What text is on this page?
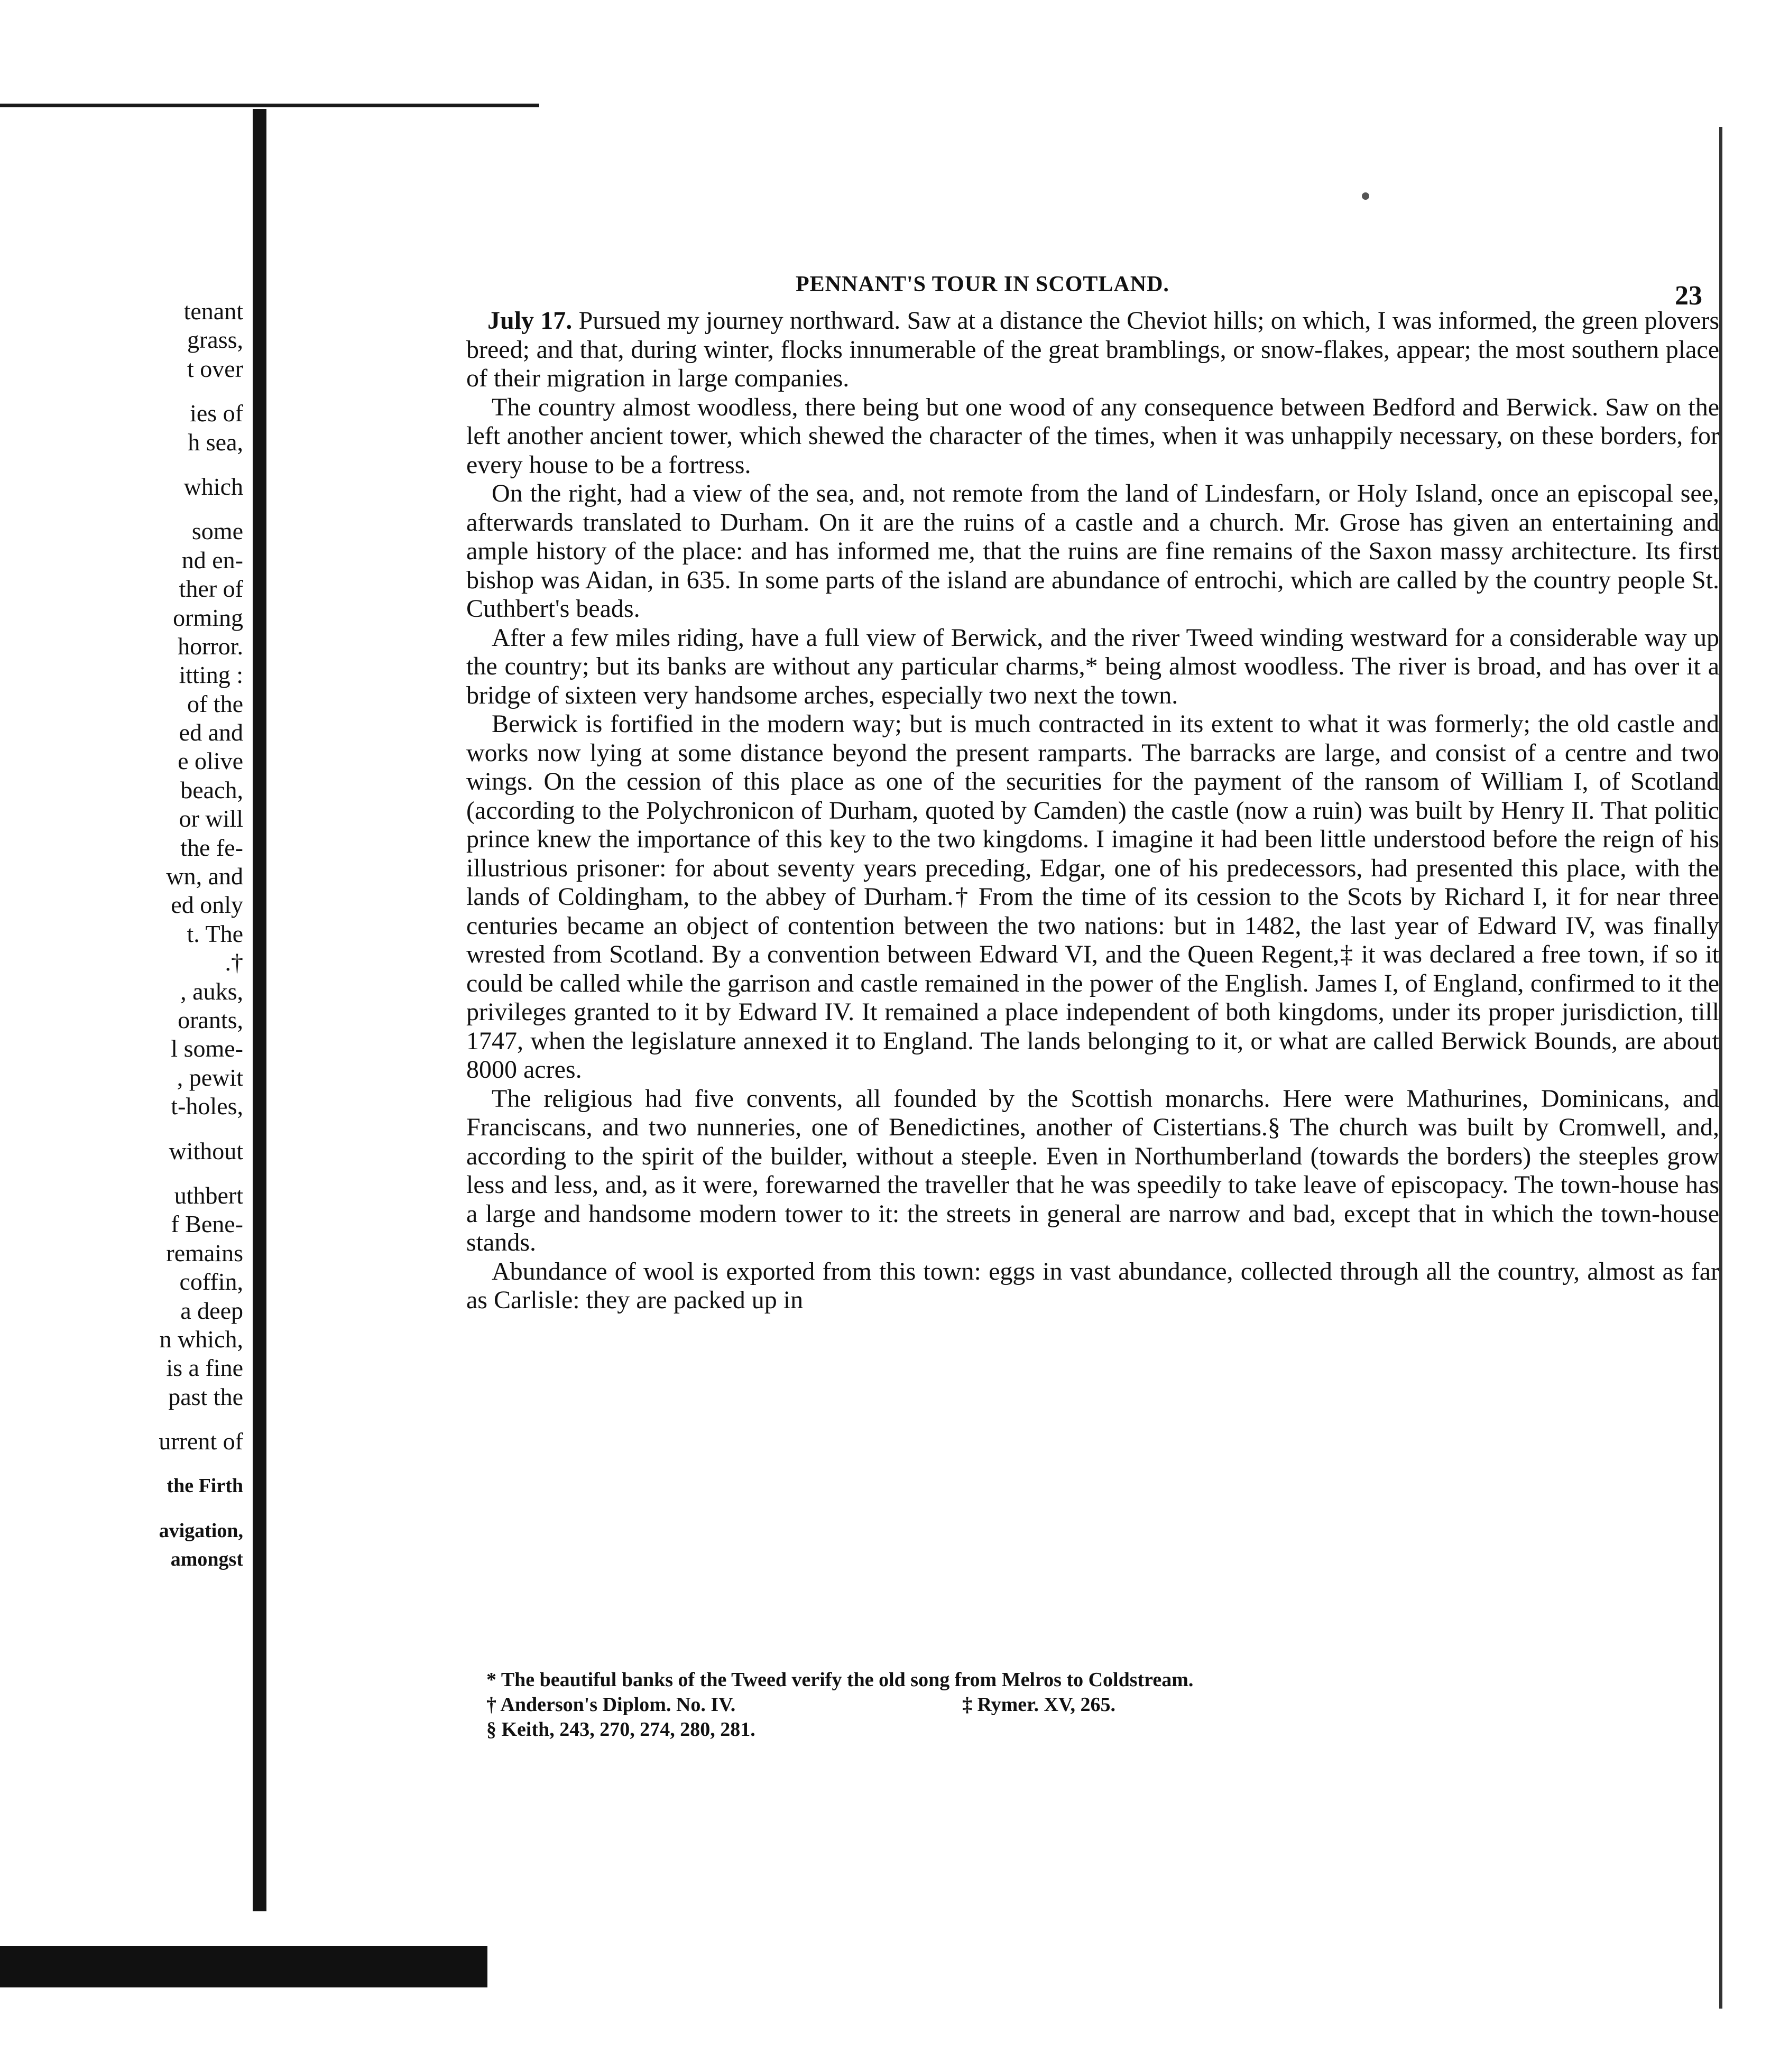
tenant
grass,
t over
ies of
h sea,
which
some
nd en-
ther of
orming
horror.
itting :
of the
ed and
e olive
beach,
or will
the fe-
wn, and
ed only
t. The
.†
, auks,
orants,
l some-
, pewit
t-holes,
without
uthbert
f Bene-
remains
coffin,
a deep
n which,
is a fine
past the
urrent of
the Firth
avigation,
amongst
PENNANT'S TOUR IN SCOTLAND.	23

July 17. Pursued my journey northward. Saw at a distance the Cheviot hills; on which, I was informed, the green plovers breed; and that, during winter, flocks innumerable of the great bramblings, or snow-flakes, appear; the most southern place of their migration in large companies.

The country almost woodless, there being but one wood of any consequence between Bedford and Berwick. Saw on the left another ancient tower, which shewed the character of the times, when it was unhappily necessary, on these borders, for every house to be a fortress.

On the right, had a view of the sea, and, not remote from the land of Lindesfarn, or Holy Island, once an episcopal see, afterwards translated to Durham. On it are the ruins of a castle and a church. Mr. Grose has given an entertaining and ample history of the place: and has informed me, that the ruins are fine remains of the Saxon massy architecture. Its first bishop was Aidan, in 635. In some parts of the island are abundance of entrochi, which are called by the country people St. Cuthbert's beads.

After a few miles riding, have a full view of Berwick, and the river Tweed winding westward for a considerable way up the country; but its banks are without any particular charms,* being almost woodless. The river is broad, and has over it a bridge of sixteen very handsome arches, especially two next the town.

Berwick is fortified in the modern way; but is much contracted in its extent to what it was formerly; the old castle and works now lying at some distance beyond the present ramparts. The barracks are large, and consist of a centre and two wings. On the cession of this place as one of the securities for the payment of the ransom of William I, of Scotland (according to the Polychronicon of Durham, quoted by Camden) the castle (now a ruin) was built by Henry II. That politic prince knew the importance of this key to the two kingdoms. I imagine it had been little understood before the reign of his illustrious prisoner: for about seventy years preceding, Edgar, one of his predecessors, had presented this place, with the lands of Coldingham, to the abbey of Durham.† From the time of its cession to the Scots by Richard I, it for near three centuries became an object of contention between the two nations: but in 1482, the last year of Edward IV, was finally wrested from Scotland. By a convention between Edward VI, and the Queen Regent,‡ it was declared a free town, if so it could be called while the garrison and castle remained in the power of the English. James I, of England, confirmed to it the privileges granted to it by Edward IV. It remained a place independent of both kingdoms, under its proper jurisdiction, till 1747, when the legislature annexed it to England. The lands belonging to it, or what are called Berwick Bounds, are about 8000 acres.

The religious had five convents, all founded by the Scottish monarchs. Here were Mathurines, Dominicans, and Franciscans, and two nunneries, one of Benedictines, another of Cistertians.§ The church was built by Cromwell, and, according to the spirit of the builder, without a steeple. Even in Northumberland (towards the borders) the steeples grow less and less, and, as it were, forewarned the traveller that he was speedily to take leave of episcopacy. The town-house has a large and handsome modern tower to it: the streets in general are narrow and bad, except that in which the town-house stands.

Abundance of wool is exported from this town: eggs in vast abundance, collected through all the country, almost as far as Carlisle: they are packed up in

* The beautiful banks of the Tweed verify the old song from Melros to Coldstream.
† Anderson's Diplom. No. IV.	‡ Rymer. XV, 265.
§ Keith, 243, 270, 274, 280, 281.
